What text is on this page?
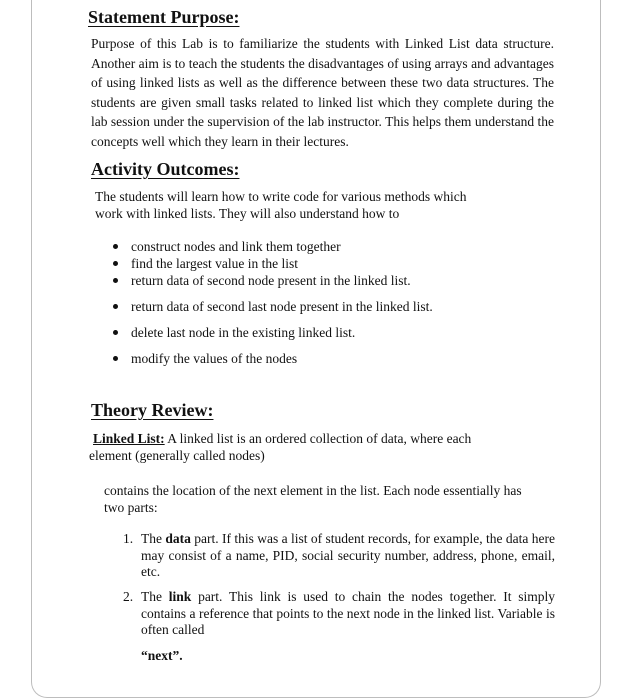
Statement Purpose:
Purpose of this Lab is to familiarize the students with Linked List data structure. Another aim is to teach the students the disadvantages of using arrays and advantages of using linked lists as well as the difference between these two data structures. The students are given small tasks related to linked list which they complete during the lab session under the supervision of the lab instructor. This helps them understand the concepts well which they learn in their lectures.
Activity Outcomes:
The students will learn how to write code for various methods which
work with linked lists. They will also understand how to
construct nodes and link them together
find the largest value in the list
return data of second node present in the linked list.
return data of second last node present in the linked list.
delete last node in the existing linked list.
modify the values of the nodes
Theory Review:
Linked List: A linked list is an ordered collection of data, where each
element (generally called nodes)
contains the location of the next element in the list. Each node essentially has
two parts:
1. The data part. If this was a list of student records, for example, the data here may consist of a name, PID, social security number, address, phone, email, etc.
2. The link part. This link is used to chain the nodes together. It simply contains a reference that points to the next node in the linked list. Variable is often called
“next”.
